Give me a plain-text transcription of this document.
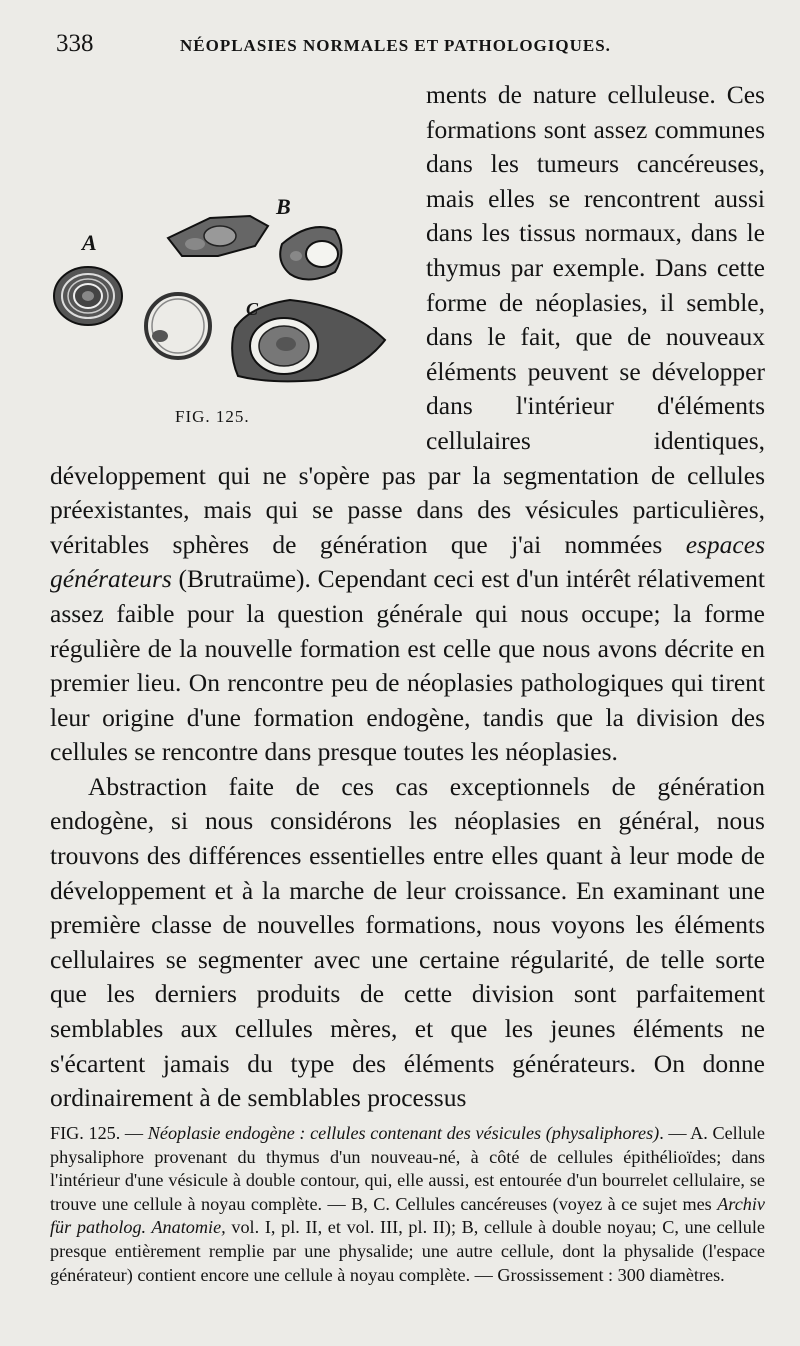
338	NÉOPLASIES NORMALES ET PATHOLOGIQUES.
A
B
C
FIG. 125.

ments de nature celluleuse. Ces formations sont assez communes dans les tumeurs cancéreuses, mais elles se rencontrent aussi dans les tissus normaux, dans le thymus par exemple. Dans cette forme de néoplasies, il semble, dans le fait, que de nouveaux éléments peuvent se développer dans l'intérieur d'éléments cellulaires identiques, développement qui ne s'opère pas par la segmentation de cellules préexistantes, mais qui se passe dans des vésicules particulières, véritables sphères de génération que j'ai nommées espaces générateurs (Brutraüme). Cependant ceci est d'un intérêt rélativement assez faible pour la question générale qui nous occupe; la forme régulière de la nouvelle formation est celle que nous avons décrite en premier lieu. On rencontre peu de néoplasies pathologiques qui tirent leur origine d'une formation endogène, tandis que la division des cellules se rencontre dans presque toutes les néoplasies.

Abstraction faite de ces cas exceptionnels de génération endogène, si nous considérons les néoplasies en général, nous trouvons des différences essentielles entre elles quant à leur mode de développement et à la marche de leur croissance. En examinant une première classe de nouvelles formations, nous voyons les éléments cellulaires se segmenter avec une certaine régularité, de telle sorte que les derniers produits de cette division sont parfaitement semblables aux cellules mères, et que les jeunes éléments ne s'écartent jamais du type des éléments générateurs. On donne ordinairement à de semblables processus

FIG. 125. — Néoplasie endogène : cellules contenant des vésicules (physaliphores). — A. Cellule physaliphore provenant du thymus d'un nouveau-né, à côté de cellules épithélioïdes; dans l'intérieur d'une vésicule à double contour, qui, elle aussi, est entourée d'un bourrelet cellulaire, se trouve une cellule à noyau complète. — B, C. Cellules cancéreuses (voyez à ce sujet mes Archiv für patholog. Anatomie, vol. I, pl. II, et vol. III, pl. II); B, cellule à double noyau; C, une cellule presque entièrement remplie par une physalide; une autre cellule, dont la physalide (l'espace générateur) contient encore une cellule à noyau complète. — Grossissement : 300 diamètres.
